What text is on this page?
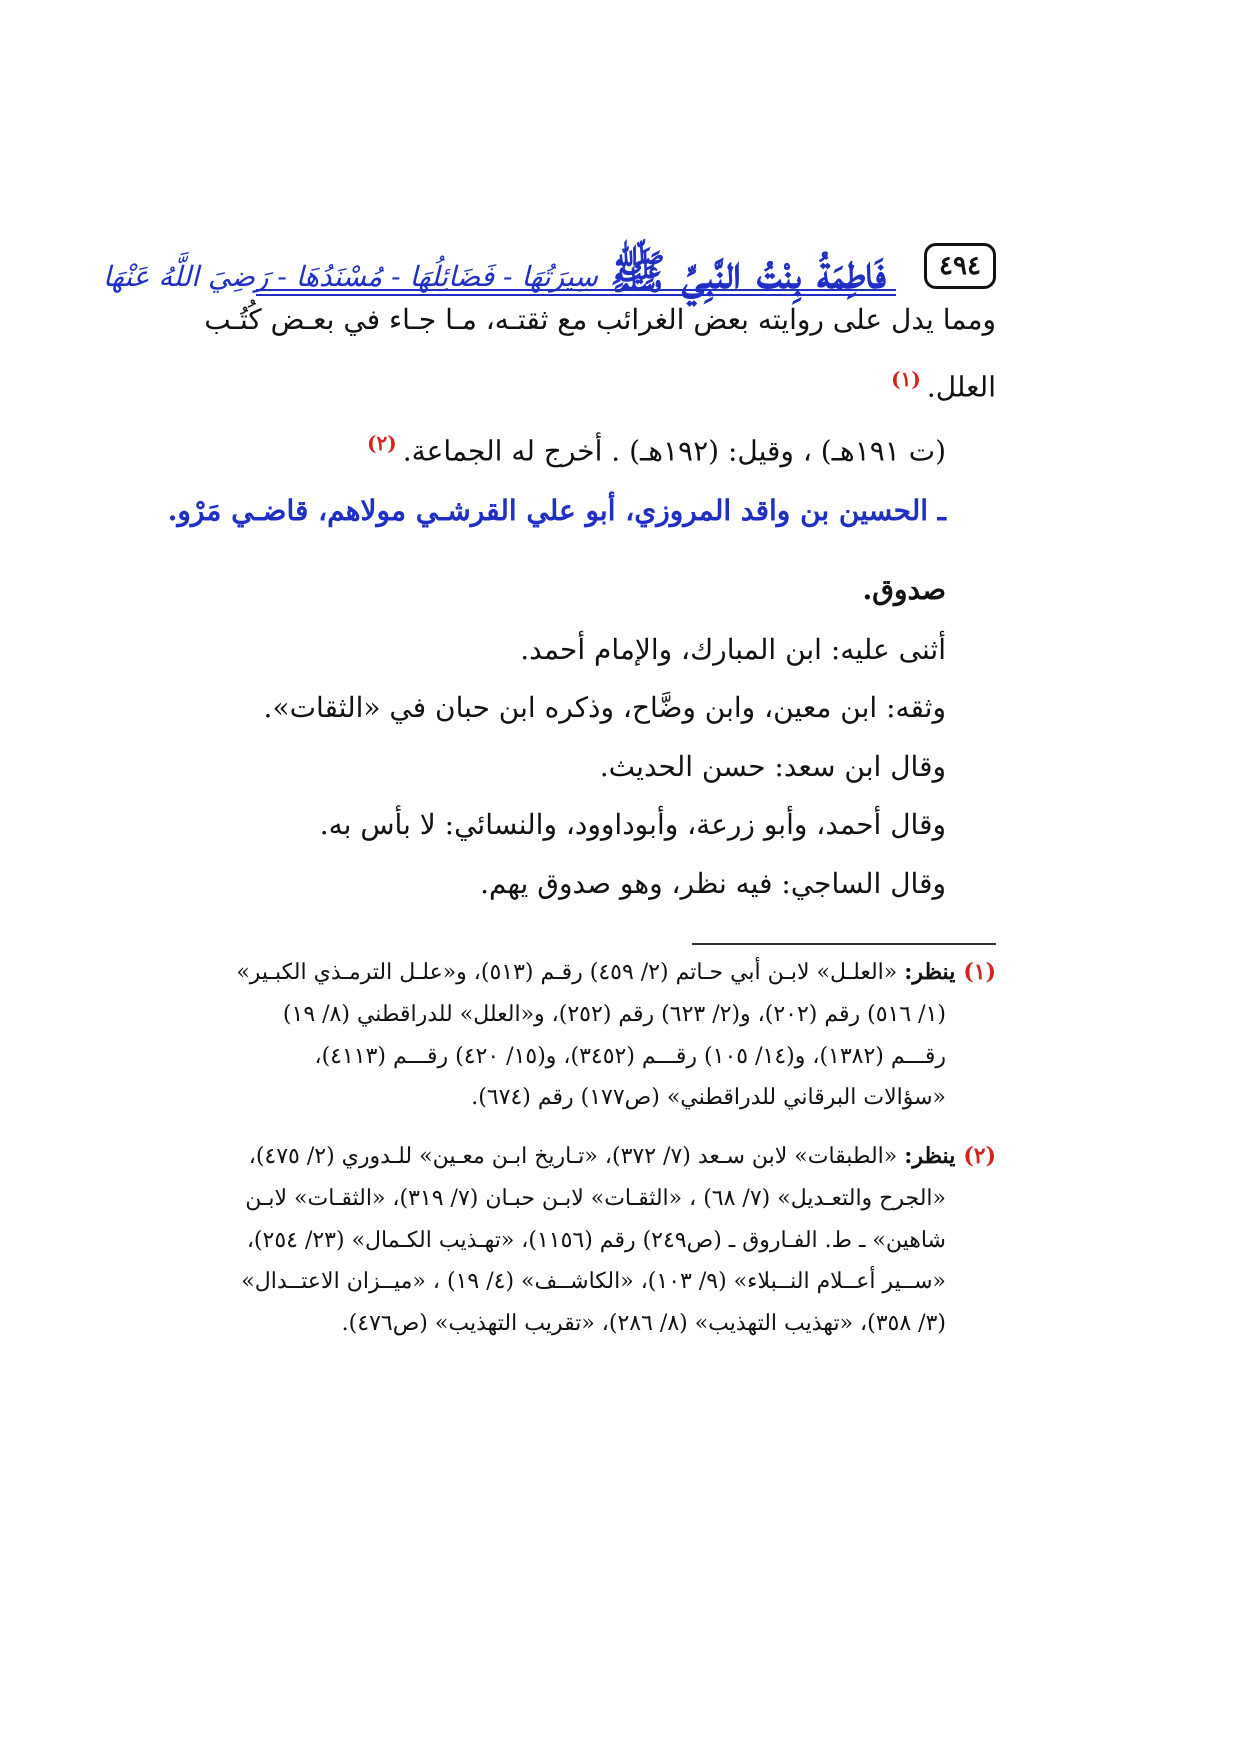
٤٩٤
فَاطِمَةُ بِنْتُ النَّبِيِّ ﷺ
سِيرَتُهَا - فَضَائِلُهَا - مُسْنَدُهَا - رَضِيَ اللَّهُ عَنْهَا
ومما يدل على روايته بعض الغرائب مع ثقتـه، مـا جـاء في بعـض كُتُـب
العلل.$^{(١)}$
(ت ١٩١هـ) ، وقيل: (١٩٢هـ) . أخرج له الجماعة.$^{(٢)}$
ـ الحسين بن واقد المروزي، أبو علي القرشـي مولاهم، قاضـي مَرْو.
صدوق.
أثنى عليه: ابن المبارك، والإمام أحمد.
وثقه: ابن معين، وابن وضَّاح، وذكره ابن حبان في «الثقات».
وقال ابن سعد: حسن الحديث.
وقال أحمد، وأبو زرعة، وأبوداوود، والنسائي: لا بأس به.
وقال الساجي: فيه نظر، وهو صدوق يهم.
(١)ينظر: «العلـل» لابـن أبي حـاتم (٢/ ٤٥٩) رقـم (٥١٣)، و«علـل الترمـذي الكبـير»
(١/ ٥١٦) رقم (٢٠٢)، و(٢/ ٦٢٣) رقم (٢٥٢)، و«العلل» للدراقطني (٨/ ١٩)
رقـــم (١٣٨٢)، و(١٤/ ١٠٥) رقـــم (٣٤٥٢)، و(١٥/ ٤٢٠) رقـــم (٤١١٣)،
«سؤالات البرقاني للدراقطني» (ص١٧٧) رقم (٦٧٤).
(٢)ينظر: «الطبقات» لابن سـعد (٧/ ٣٧٢)، «تـاريخ ابـن معـين» للـدوري (٢/ ٤٧٥)،
«الجرح والتعـديل» (٧/ ٦٨) ، «الثقـات» لابـن حبـان (٧/ ٣١٩)، «الثقـات» لابـن
شاهين» ـ ط. الفـاروق ـ (ص٢٤٩) رقم (١١٥٦)، «تهـذيب الكـمال» (٢٣/ ٢٥٤)،
«ســير أعــلام النــبلاء» (٩/ ١٠٣)، «الكاشــف» (٤/ ١٩) ، «ميــزان الاعتــدال»
(٣/ ٣٥٨)، «تهذيب التهذيب» (٨/ ٢٨٦)، «تقريب التهذيب» (ص٤٧٦).
